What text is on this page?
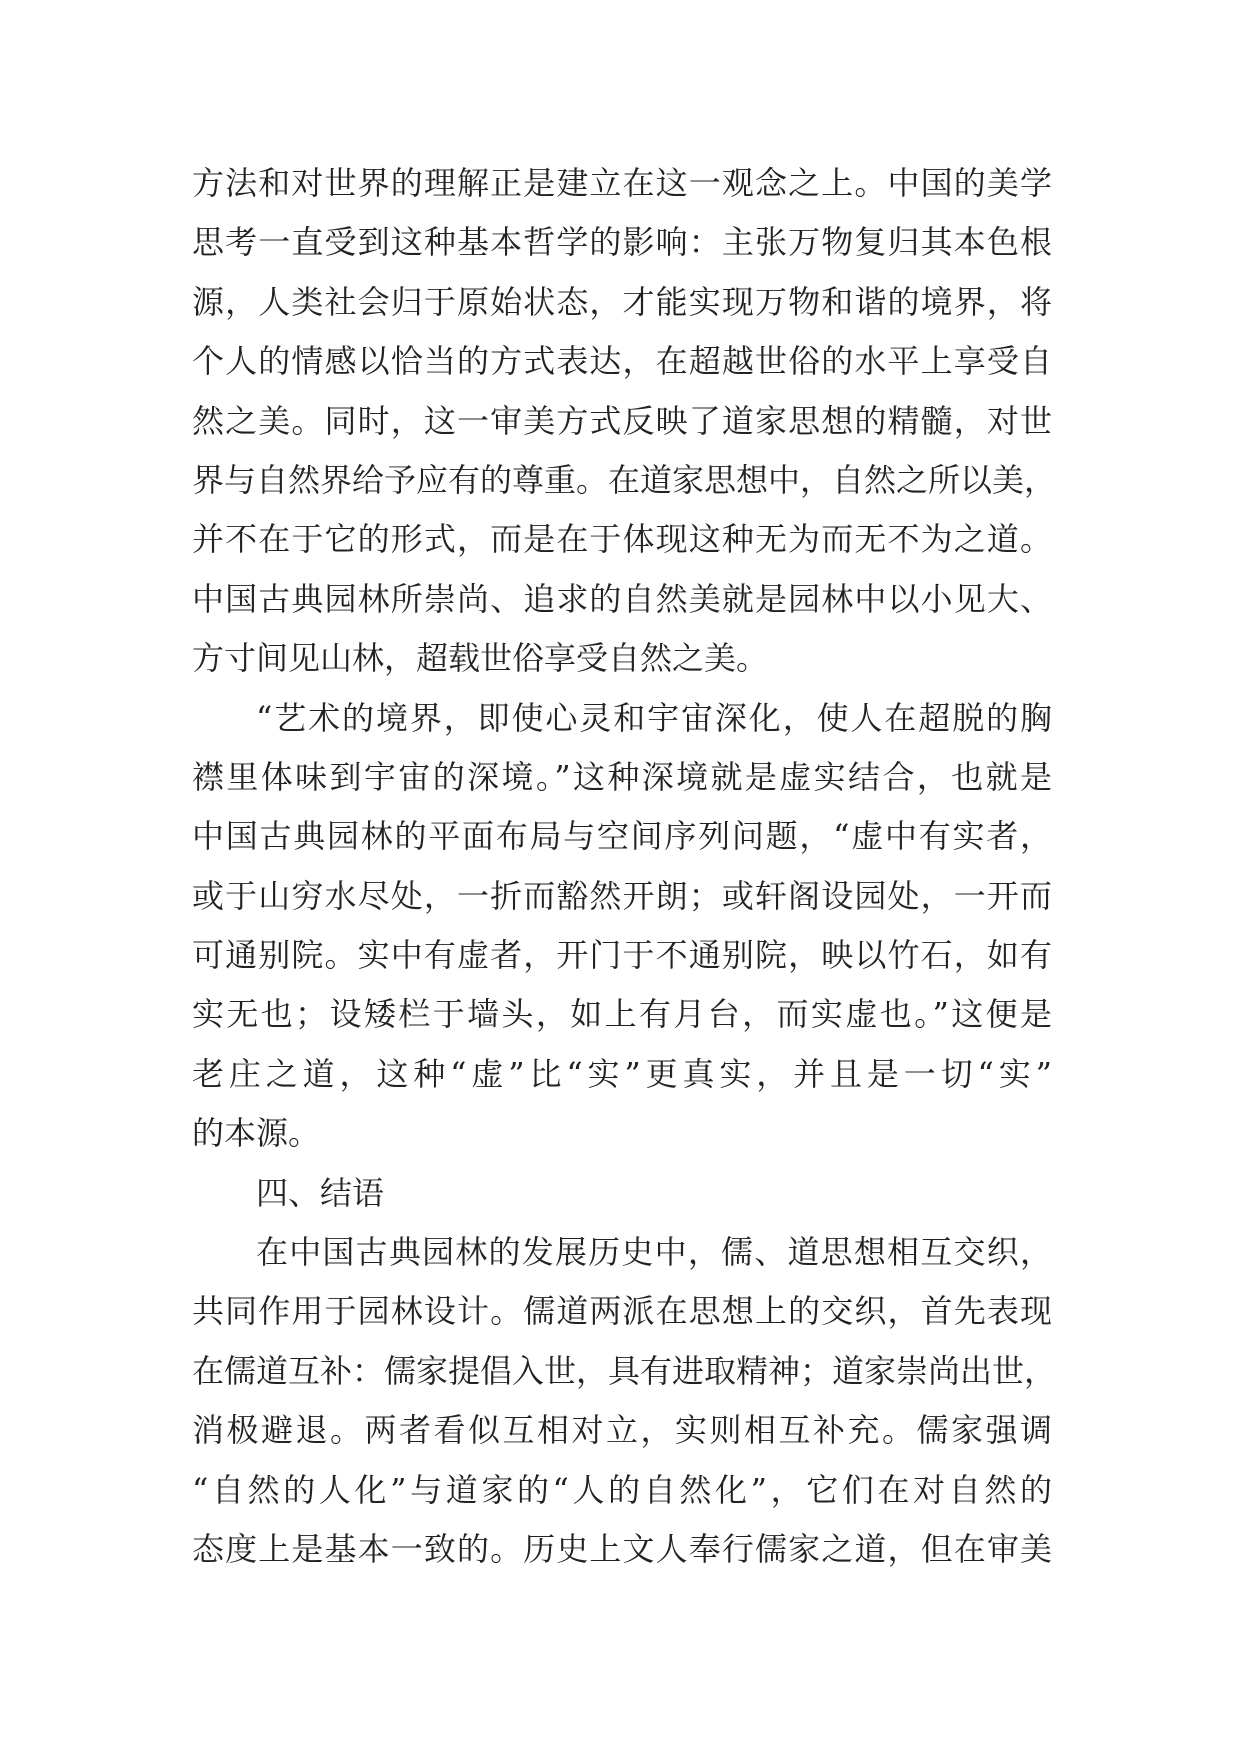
方法和对世界的理解正是建立在这一观念之上。中国的美学
思考一直受到这种基本哲学的影响：主张万物复归其本色根
源，人类社会归于原始状态，才能实现万物和谐的境界，将
个人的情感以恰当的方式表达，在超越世俗的水平上享受自
然之美。同时，这一审美方式反映了道家思想的精髓，对世
界与自然界给予应有的尊重。在道家思想中，自然之所以美，
并不在于它的形式，而是在于体现这种无为而无不为之道。
中国古典园林所崇尚、追求的自然美就是园林中以小见大、
方寸间见山林，超载世俗享受自然之美。
“艺术的境界，即使心灵和宇宙深化，使人在超脱的胸
襟里体味到宇宙的深境。”这种深境就是虚实结合，也就是
中国古典园林的平面布局与空间序列问题，“虚中有实者，
或于山穷水尽处，一折而豁然开朗；或轩阁设园处，一开而
可通别院。实中有虚者，开门于不通别院，映以竹石，如有
实无也；设矮栏于墙头，如上有月台，而实虚也。”这便是
老庄之道，这种“虚”比“实”更真实，并且是一切“实”
的本源。
四、结语
在中国古典园林的发展历史中，儒、道思想相互交织，
共同作用于园林设计。儒道两派在思想上的交织，首先表现
在儒道互补：儒家提倡入世，具有进取精神；道家崇尚出世，
消极避退。两者看似互相对立，实则相互补充。儒家强调
“自然的人化”与道家的“人的自然化”，它们在对自然的
态度上是基本一致的。历史上文人奉行儒家之道，但在审美
